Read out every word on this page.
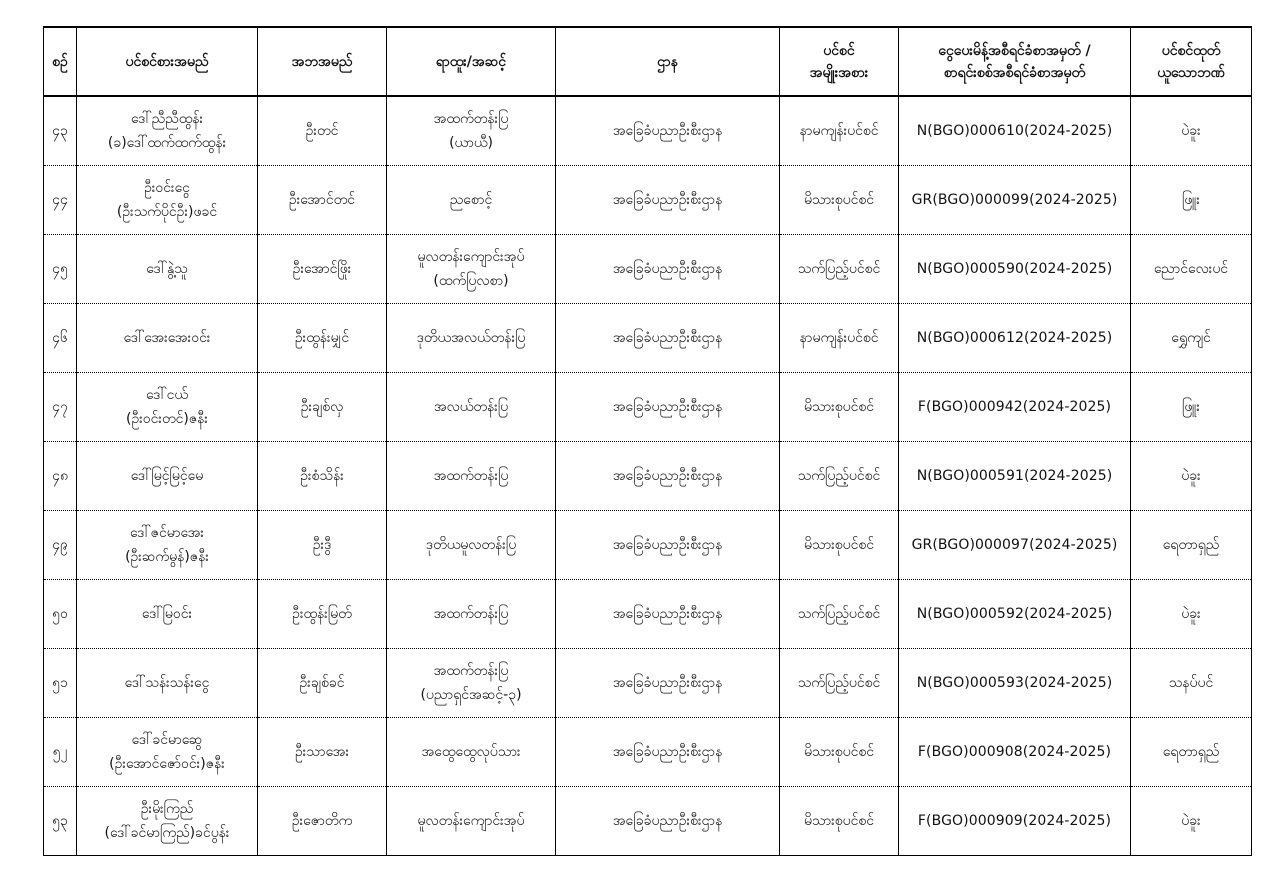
စဉ်	ပင်စင်စားအမည်	အဘအမည်	ရာထူး/အဆင့်	ဌာန	ပင်စင်
အမျိုးအစား	ငွေပေးမိန့်အစီရင်ခံစာအမှတ် /
စာရင်းစစ်အစီရင်ခံစာအမှတ်	ပင်စင်ထုတ်
ယူသောဘဏ်

၄၃	ဒေါ်ညီညီထွန်း
(ခ)ဒေါ်ထက်ထက်ထွန်း	ဦးတင်	အထက်တန်းပြ
(ယာယီ)	အခြေခံပညာဦးစီးဌာန	နာမကျန်းပင်စင်	N(BGO)000610(2024-2025)	ပဲခူး
၄၄	ဦးဝင်းငွေ
(ဦးသက်ပိုင်ဦး)ဖခင်	ဦးအောင်တင်	ညစောင့်	အခြေခံပညာဦးစီးဌာန	မိသားစုပင်စင်	GR(BGO)000099(2024-2025)	ဖြူး
၄၅	ဒေါ်နွဲ့သူ	ဦးအောင်ဖြိုး	မူလတန်းကျောင်းအုပ်
(ထက်ပြလစာ)	အခြေခံပညာဦးစီးဌာန	သက်ပြည့်ပင်စင်	N(BGO)000590(2024-2025)	ညောင်လေးပင်
၄၆	ဒေါ်အေးအေးဝင်း	ဦးထွန်းမျှင်	ဒုတိယအလယ်တန်းပြ	အခြေခံပညာဦးစီးဌာန	နာမကျန်းပင်စင်	N(BGO)000612(2024-2025)	ရွှေကျင်
၄၇	ဒေါ်ငယ်
(ဦးဝင်းတင်)ဇနီး	ဦးချစ်လှ	အလယ်တန်းပြ	အခြေခံပညာဦးစီးဌာန	မိသားစုပင်စင်	F(BGO)000942(2024-2025)	ဖြူး
၄၈	ဒေါ်မြင့်မြင့်မေ	ဦးစံသိန်း	အထက်တန်းပြ	အခြေခံပညာဦးစီးဌာန	သက်ပြည့်ပင်စင်	N(BGO)000591(2024-2025)	ပဲခူး
၄၉	ဒေါ်ဇင်မာအေး
(ဦးဆက်မွန်)ဇနီး	ဦးဒွီ	ဒုတိယမူလတန်းပြ	အခြေခံပညာဦးစီးဌာန	မိသားစုပင်စင်	GR(BGO)000097(2024-2025)	ရေတာရှည်
၅၀	ဒေါ်မြဝင်း	ဦးထွန်းမြတ်	အထက်တန်းပြ	အခြေခံပညာဦးစီးဌာန	သက်ပြည့်ပင်စင်	N(BGO)000592(2024-2025)	ပဲခူး
၅၁	ဒေါ်သန်းသန်းငွေ	ဦးချစ်ခင်	အထက်တန်းပြ
(ပညာရှင်အဆင့်-၃)	အခြေခံပညာဦးစီးဌာန	သက်ပြည့်ပင်စင်	N(BGO)000593(2024-2025)	သနပ်ပင်
၅၂	ဒေါ်ခင်မာဆွေ
(ဦးအောင်ဇော်ဝင်း)ဇနီး	ဦးသာအေး	အထွေထွေလုပ်သား	အခြေခံပညာဦးစီးဌာန	မိသားစုပင်စင်	F(BGO)000908(2024-2025)	ရေတာရှည်
၅၃	ဦးမိုးကြည်
(ဒေါ်ခင်မာကြည်)ခင်ပွန်း	ဦးဇောတိက	မူလတန်းကျောင်းအုပ်	အခြေခံပညာဦးစီးဌာန	မိသားစုပင်စင်	F(BGO)000909(2024-2025)	ပဲခူး
